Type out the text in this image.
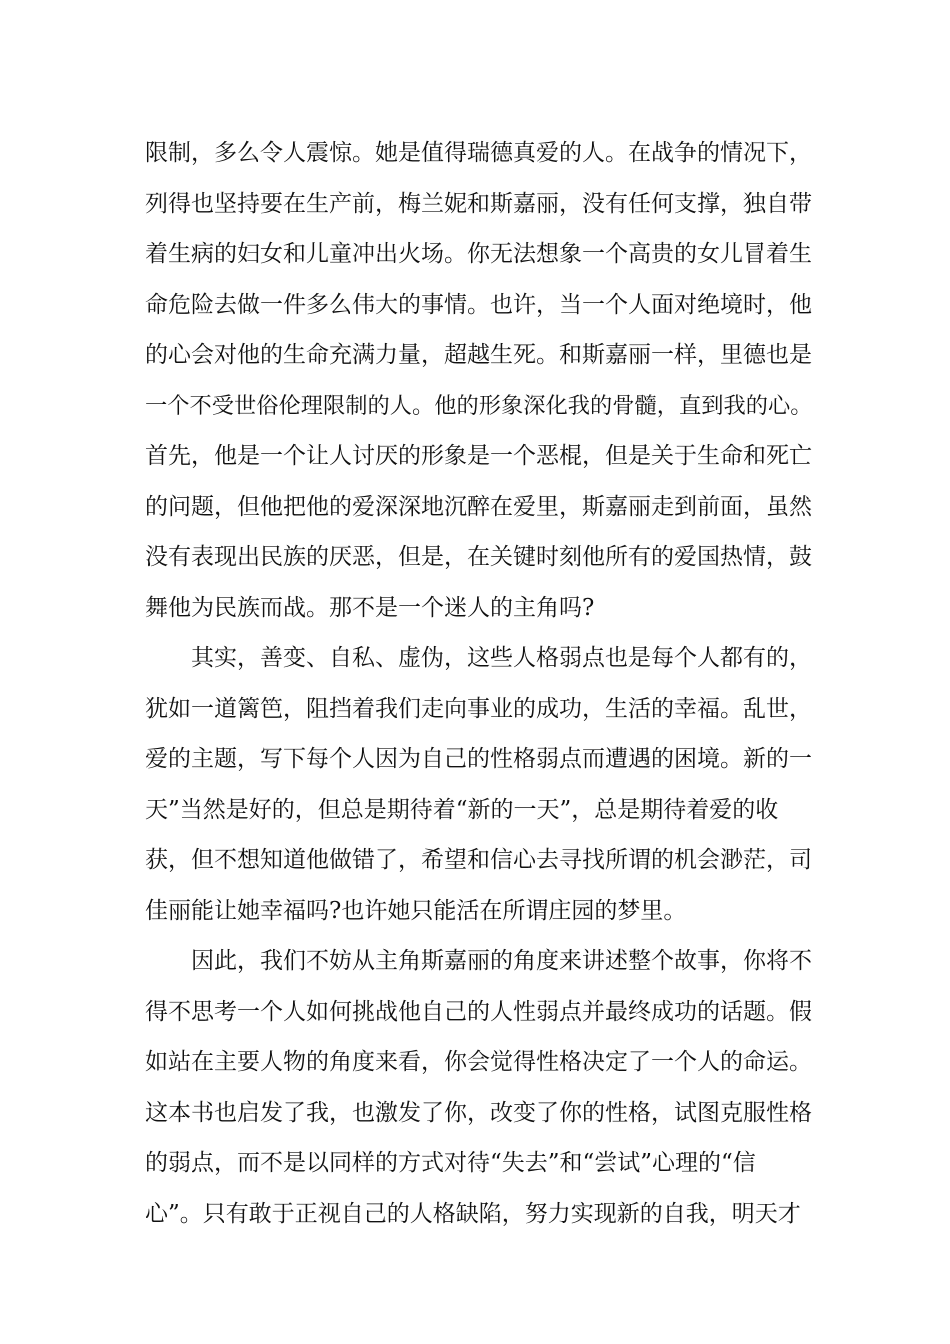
限制，多么令人震惊。她是值得瑞德真爱的人。在战争的情况下，
列得也坚持要在生产前，梅兰妮和斯嘉丽，没有任何支撑，独自带
着生病的妇女和儿童冲出火场。你无法想象一个高贵的女儿冒着生
命危险去做一件多么伟大的事情。也许，当一个人面对绝境时，他
的心会对他的生命充满力量，超越生死。和斯嘉丽一样，里德也是
一个不受世俗伦理限制的人。他的形象深化我的骨髓，直到我的心。
首先，他是一个让人讨厌的形象是一个恶棍，但是关于生命和死亡
的问题，但他把他的爱深深地沉醉在爱里，斯嘉丽走到前面，虽然
没有表现出民族的厌恶，但是，在关键时刻他所有的爱国热情，鼓
舞他为民族而战。那不是一个迷人的主角吗?
其实，善变、自私、虚伪，这些人格弱点也是每个人都有的，
犹如一道篱笆，阻挡着我们走向事业的成功，生活的幸福。乱世，
爱的主题，写下每个人因为自己的性格弱点而遭遇的困境。新的一
天”当然是好的，但总是期待着“新的一天”，总是期待着爱的收
获，但不想知道他做错了，希望和信心去寻找所谓的机会渺茫，司
佳丽能让她幸福吗?也许她只能活在所谓庄园的梦里。
因此，我们不妨从主角斯嘉丽的角度来讲述整个故事，你将不
得不思考一个人如何挑战他自己的人性弱点并最终成功的话题。假
如站在主要人物的角度来看，你会觉得性格决定了一个人的命运。
这本书也启发了我，也激发了你，改变了你的性格，试图克服性格
的弱点，而不是以同样的方式对待“失去”和“尝试”心理的“信
心”。只有敢于正视自己的人格缺陷，努力实现新的自我，明天才
